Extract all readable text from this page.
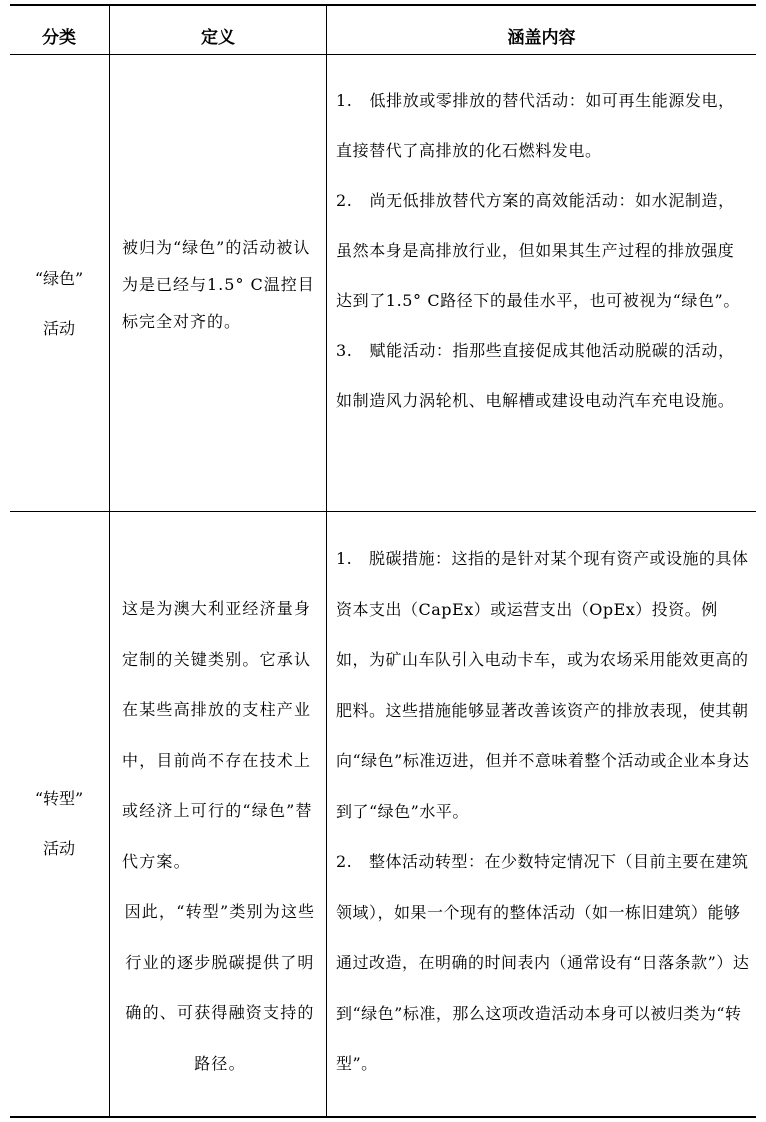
分类	定义	涵盖内容
“绿色”
活动
被归为“绿色”的活动被认为是已经与1.5° C温控目标完全对齐的。
1.   低排放或零排放的替代活动：如可再生能源发电，直接替代了高排放的化石燃料发电。
2.   尚无低排放替代方案的高效能活动：如水泥制造，虽然本身是高排放行业，但如果其生产过程的排放强度达到了1.5° C路径下的最佳水平，也可被视为“绿色”。
3.   赋能活动：指那些直接促成其他活动脱碳的活动，如制造风力涡轮机、电解槽或建设电动汽车充电设施。
“转型”
活动
这是为澳大利亚经济量身定制的关键类别。它承认在某些高排放的支柱产业中，目前尚不存在技术上或经济上可行的“绿色”替代方案。
因此，“转型”类别为这些行业的逐步脱碳提供了明确的、可获得融资支持的路径。
1.   脱碳措施：这指的是针对某个现有资产或设施的具体资本支出（CapEx）或运营支出（OpEx）投资。例如，为矿山车队引入电动卡车，或为农场采用能效更高的肥料。这些措施能够显著改善该资产的排放表现，使其朝向“绿色”标准迈进，但并不意味着整个活动或企业本身达到了“绿色”水平。
2.   整体活动转型：在少数特定情况下（目前主要在建筑领域），如果一个现有的整体活动（如一栋旧建筑）能够通过改造，在明确的时间表内（通常设有“日落条款”）达到“绿色”标准，那么这项改造活动本身可以被归类为“转型”。
